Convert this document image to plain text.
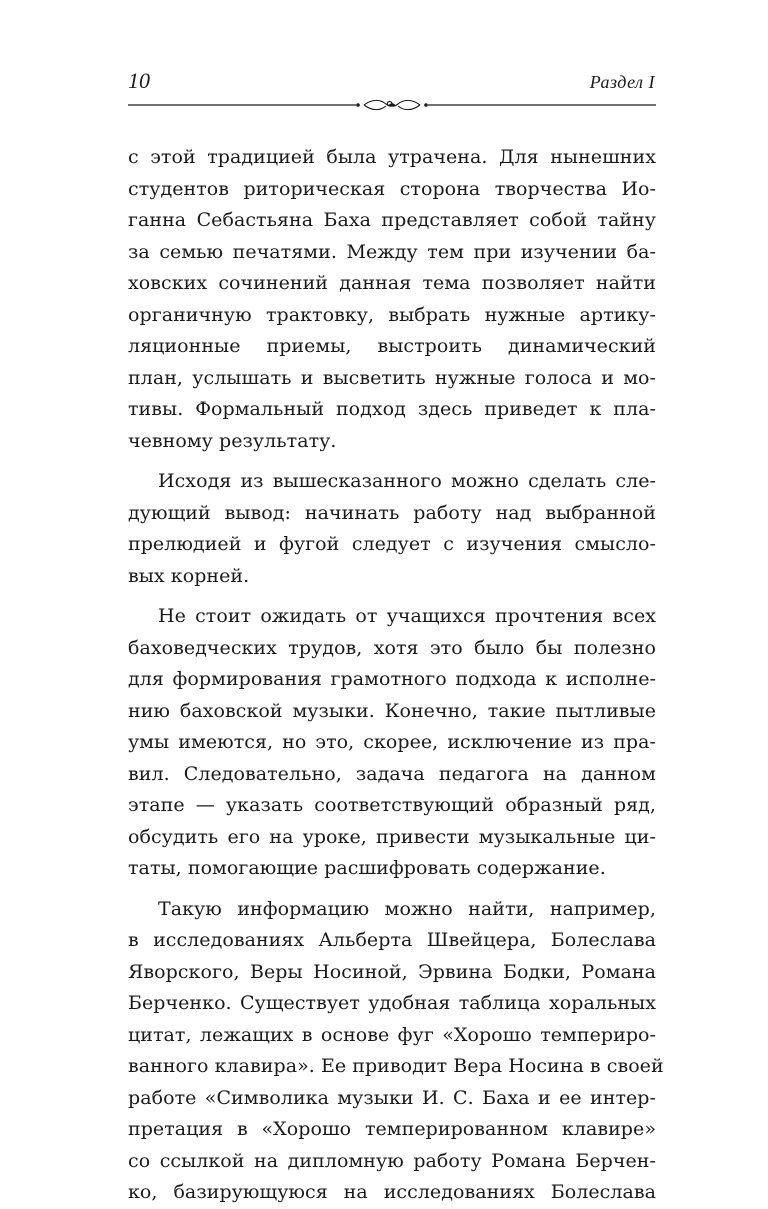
10	Раздел I
с этой традицией была утрачена. Для нынешних
студентов риторическая сторона творчества Ио-
ганна Себастьяна Баха представляет собой тайну
за семью печатями. Между тем при изучении ба-
ховских сочинений данная тема позволяет найти
органичную трактовку, выбрать нужные артику-
ляционные приемы, выстроить динамический
план, услышать и высветить нужные голоса и мо-
тивы. Формальный подход здесь приведет к пла-
чевному результату.
Исходя из вышесказанного можно сделать сле-
дующий вывод: начинать работу над выбранной
прелюдией и фугой следует с изучения смысло-
вых корней.
Не стоит ожидать от учащихся прочтения всех
баховедческих трудов, хотя это было бы полезно
для формирования грамотного подхода к исполне-
нию баховской музыки. Конечно, такие пытливые
умы имеются, но это, скорее, исключение из пра-
вил. Следовательно, задача педагога на данном
этапе — указать соответствующий образный ряд,
обсудить его на уроке, привести музыкальные ци-
таты, помогающие расшифровать содержание.
Такую информацию можно найти, например,
в исследованиях Альберта Швейцера, Болеслава
Яворского, Веры Носиной, Эрвина Бодки, Романа
Берченко. Существует удобная таблица хоральных
цитат, лежащих в основе фуг «Хорошо темпериро-
ванного клавира». Ее приводит Вера Носина в своей
работе «Символика музыки И. С. Баха и ее интер-
претация в «Хорошо темперированном клавире»
со ссылкой на дипломную работу Романа Берчен-
ко, базирующуюся на исследованиях Болеслава
